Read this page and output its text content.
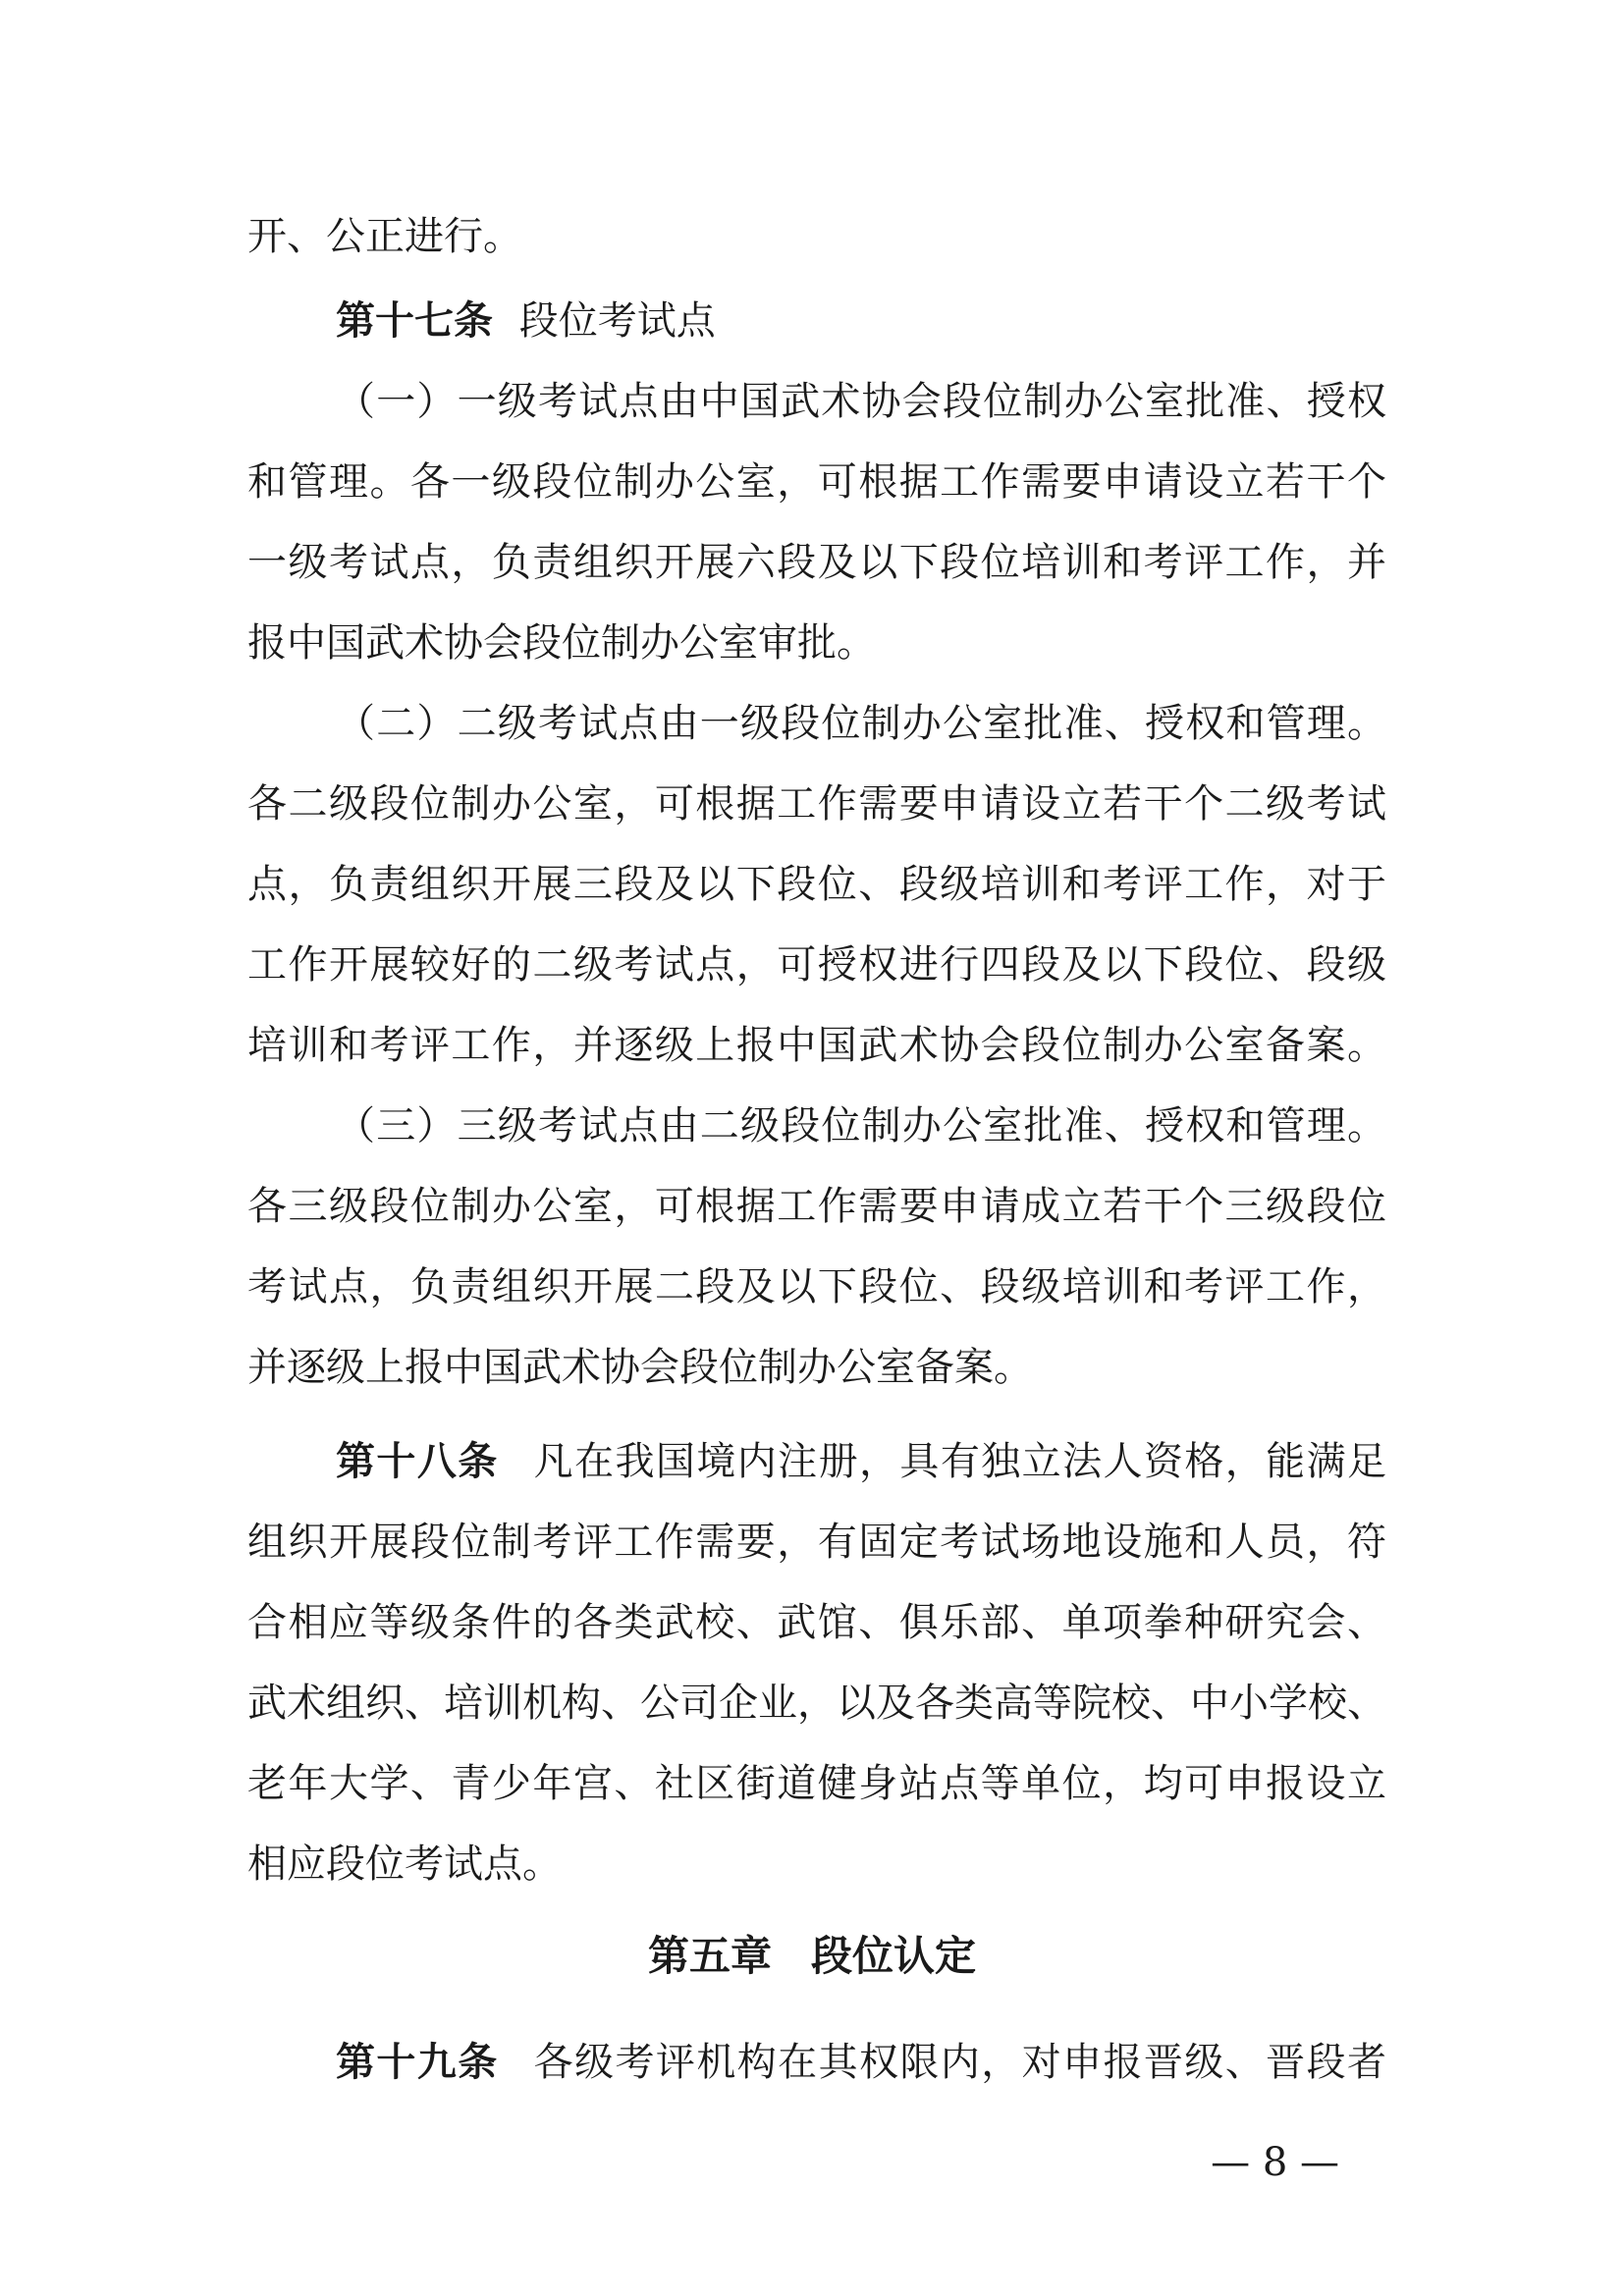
开、公正进行。
第十七条 段位考试点
（一）一级考试点由中国武术协会段位制办公室批准、授权
和管理。各一级段位制办公室，可根据工作需要申请设立若干个
一级考试点，负责组织开展六段及以下段位培训和考评工作，并
报中国武术协会段位制办公室审批。
（二）二级考试点由一级段位制办公室批准、授权和管理。
各二级段位制办公室，可根据工作需要申请设立若干个二级考试
点，负责组织开展三段及以下段位、段级培训和考评工作，对于
工作开展较好的二级考试点，可授权进行四段及以下段位、段级
培训和考评工作，并逐级上报中国武术协会段位制办公室备案。
（三）三级考试点由二级段位制办公室批准、授权和管理。
各三级段位制办公室，可根据工作需要申请成立若干个三级段位
考试点，负责组织开展二段及以下段位、段级培训和考评工作，
并逐级上报中国武术协会段位制办公室备案。
第十八条 凡在我国境内注册，具有独立法人资格，能满足
组织开展段位制考评工作需要，有固定考试场地设施和人员，符
合相应等级条件的各类武校、武馆、俱乐部、单项拳种研究会、
武术组织、培训机构、公司企业，以及各类高等院校、中小学校、
老年大学、青少年宫、社区街道健身站点等单位，均可申报设立
相应段位考试点。
第五章 段位认定
第十九条 各级考评机构在其权限内，对申报晋级、晋段者
— 8 —
